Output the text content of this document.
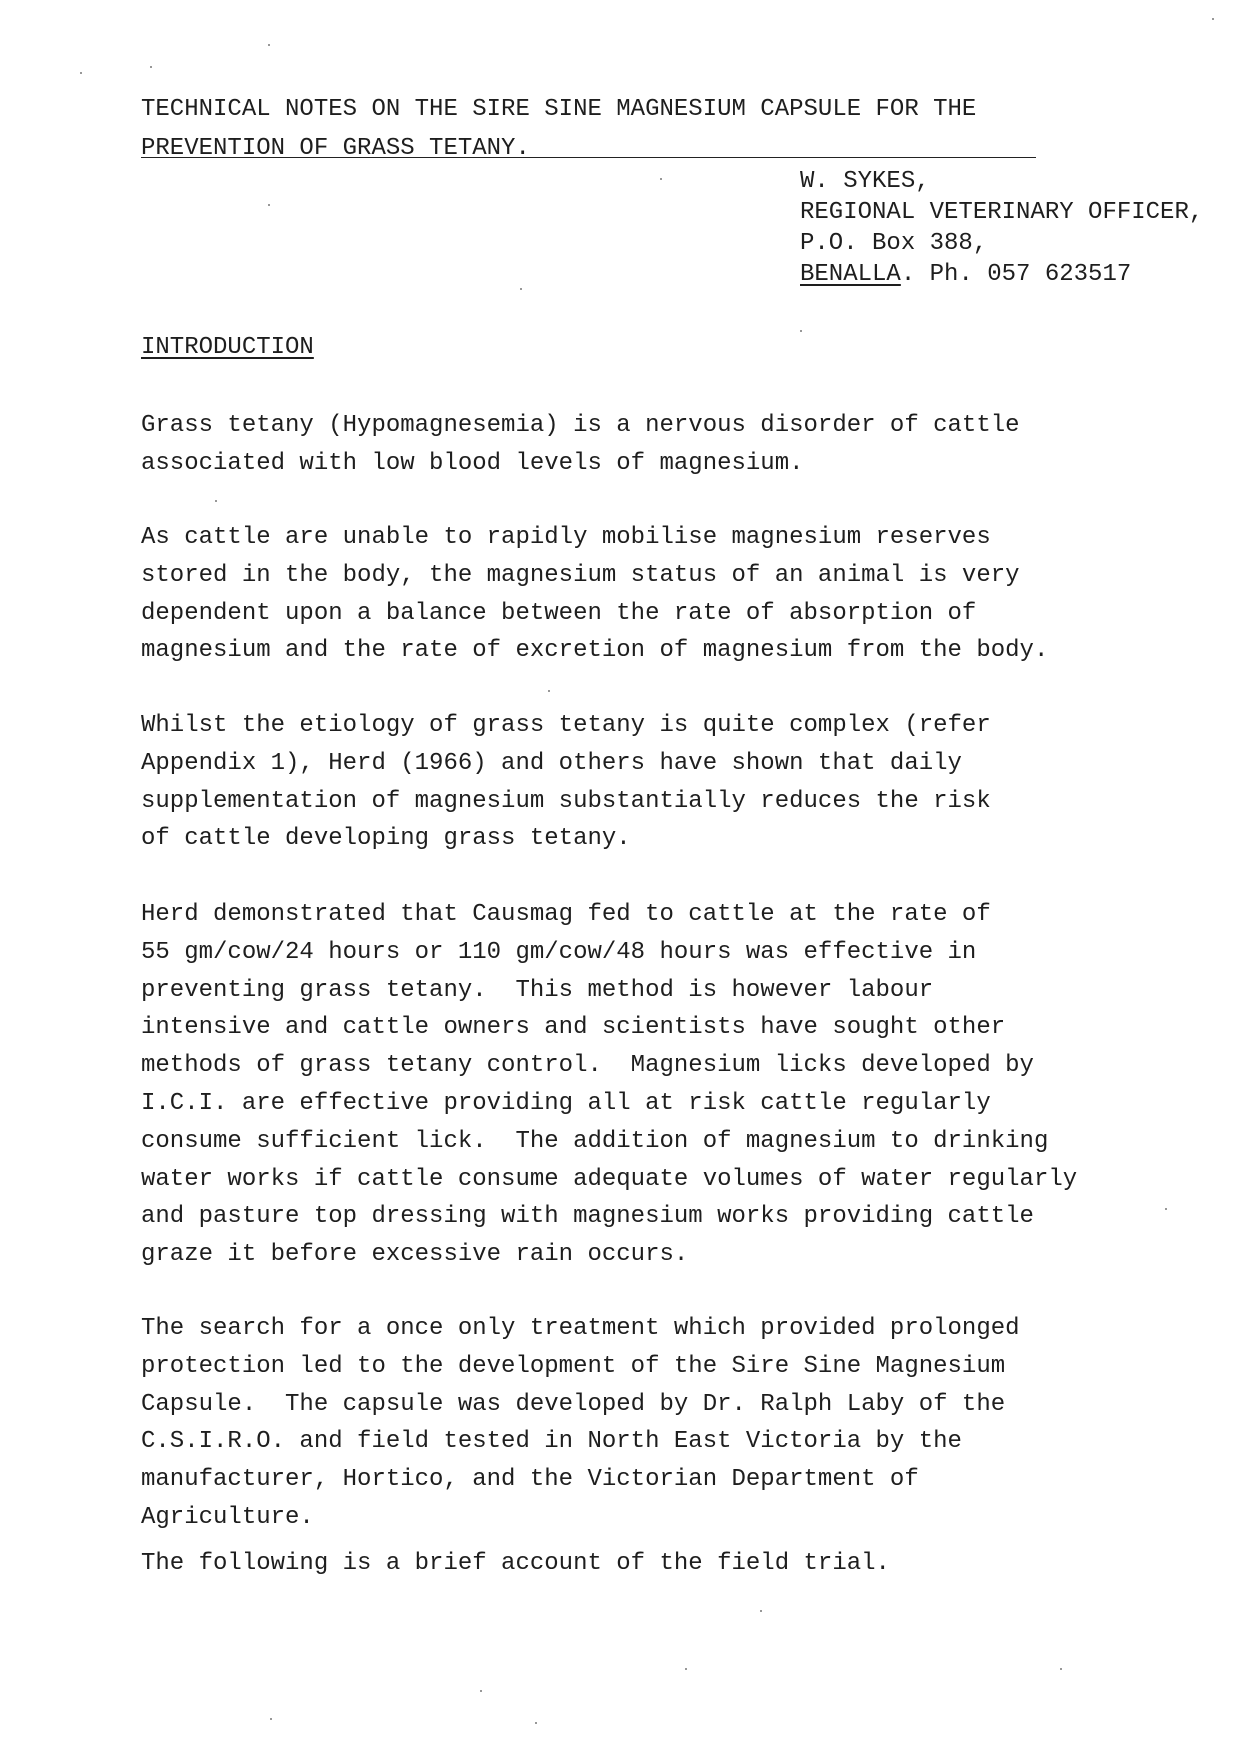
TECHNICAL NOTES ON THE SIRE SINE MAGNESIUM CAPSULE FOR THE
PREVENTION OF GRASS TETANY.
W. SYKES,
REGIONAL VETERINARY OFFICER,
P.O. Box 388,
BENALLA. Ph. 057 623517
INTRODUCTION
Grass tetany (Hypomagnesemia) is a nervous disorder of cattle
associated with low blood levels of magnesium.
As cattle are unable to rapidly mobilise magnesium reserves
stored in the body, the magnesium status of an animal is very
dependent upon a balance between the rate of absorption of
magnesium and the rate of excretion of magnesium from the body.
Whilst the etiology of grass tetany is quite complex (refer
Appendix 1), Herd (1966) and others have shown that daily
supplementation of magnesium substantially reduces the risk
of cattle developing grass tetany.
Herd demonstrated that Causmag fed to cattle at the rate of
55 gm/cow/24 hours or 110 gm/cow/48 hours was effective in
preventing grass tetany.  This method is however labour
intensive and cattle owners and scientists have sought other
methods of grass tetany control.  Magnesium licks developed by
I.C.I. are effective providing all at risk cattle regularly
consume sufficient lick.  The addition of magnesium to drinking
water works if cattle consume adequate volumes of water regularly
and pasture top dressing with magnesium works providing cattle
graze it before excessive rain occurs.
The search for a once only treatment which provided prolonged
protection led to the development of the Sire Sine Magnesium
Capsule.  The capsule was developed by Dr. Ralph Laby of the
C.S.I.R.O. and field tested in North East Victoria by the
manufacturer, Hortico, and the Victorian Department of
Agriculture.
The following is a brief account of the field trial.
